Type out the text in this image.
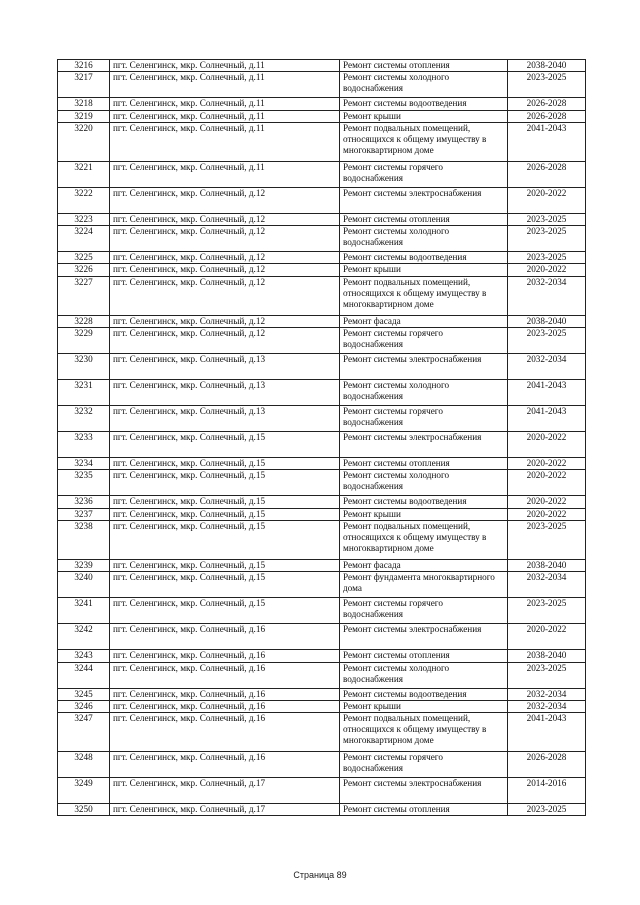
3216	пгт. Селенгинск, мкр. Солнечный, д.11	Ремонт системы отопления	2038-2040
3217	пгт. Селенгинск, мкр. Солнечный, д.11	Ремонт системы холодного водоснабжения	2023-2025
3218	пгт. Селенгинск, мкр. Солнечный, д.11	Ремонт системы водоотведения	2026-2028
3219	пгт. Селенгинск, мкр. Солнечный, д.11	Ремонт крыши	2026-2028
3220	пгт. Селенгинск, мкр. Солнечный, д.11	Ремонт подвальных помещений, относящихся к общему имуществу в многоквартирном доме	2041-2043
3221	пгт. Селенгинск, мкр. Солнечный, д.11	Ремонт системы горячего водоснабжения	2026-2028
3222	пгт. Селенгинск, мкр. Солнечный, д.12	Ремонт системы электроснабжения	2020-2022
3223	пгт. Селенгинск, мкр. Солнечный, д.12	Ремонт системы отопления	2023-2025
3224	пгт. Селенгинск, мкр. Солнечный, д.12	Ремонт системы холодного водоснабжения	2023-2025
3225	пгт. Селенгинск, мкр. Солнечный, д.12	Ремонт системы водоотведения	2023-2025
3226	пгт. Селенгинск, мкр. Солнечный, д.12	Ремонт крыши	2020-2022
3227	пгт. Селенгинск, мкр. Солнечный, д.12	Ремонт подвальных помещений, относящихся к общему имуществу в многоквартирном доме	2032-2034
3228	пгт. Селенгинск, мкр. Солнечный, д.12	Ремонт фасада	2038-2040
3229	пгт. Селенгинск, мкр. Солнечный, д.12	Ремонт системы горячего водоснабжения	2023-2025
3230	пгт. Селенгинск, мкр. Солнечный, д.13	Ремонт системы электроснабжения	2032-2034
3231	пгт. Селенгинск, мкр. Солнечный, д.13	Ремонт системы холодного водоснабжения	2041-2043
3232	пгт. Селенгинск, мкр. Солнечный, д.13	Ремонт системы горячего водоснабжения	2041-2043
3233	пгт. Селенгинск, мкр. Солнечный, д.15	Ремонт системы электроснабжения	2020-2022
3234	пгт. Селенгинск, мкр. Солнечный, д.15	Ремонт системы отопления	2020-2022
3235	пгт. Селенгинск, мкр. Солнечный, д.15	Ремонт системы холодного водоснабжения	2020-2022
3236	пгт. Селенгинск, мкр. Солнечный, д.15	Ремонт системы водоотведения	2020-2022
3237	пгт. Селенгинск, мкр. Солнечный, д.15	Ремонт крыши	2020-2022
3238	пгт. Селенгинск, мкр. Солнечный, д.15	Ремонт подвальных помещений, относящихся к общему имуществу в многоквартирном доме	2023-2025
3239	пгт. Селенгинск, мкр. Солнечный, д.15	Ремонт фасада	2038-2040
3240	пгт. Селенгинск, мкр. Солнечный, д.15	Ремонт фундамента многоквартирного дома	2032-2034
3241	пгт. Селенгинск, мкр. Солнечный, д.15	Ремонт системы горячего водоснабжения	2023-2025
3242	пгт. Селенгинск, мкр. Солнечный, д.16	Ремонт системы электроснабжения	2020-2022
3243	пгт. Селенгинск, мкр. Солнечный, д.16	Ремонт системы отопления	2038-2040
3244	пгт. Селенгинск, мкр. Солнечный, д.16	Ремонт системы холодного водоснабжения	2023-2025
3245	пгт. Селенгинск, мкр. Солнечный, д.16	Ремонт системы водоотведения	2032-2034
3246	пгт. Селенгинск, мкр. Солнечный, д.16	Ремонт крыши	2032-2034
3247	пгт. Селенгинск, мкр. Солнечный, д.16	Ремонт подвальных помещений, относящихся к общему имуществу в многоквартирном доме	2041-2043
3248	пгт. Селенгинск, мкр. Солнечный, д.16	Ремонт системы горячего водоснабжения	2026-2028
3249	пгт. Селенгинск, мкр. Солнечный, д.17	Ремонт системы электроснабжения	2014-2016
3250	пгт. Селенгинск, мкр. Солнечный, д.17	Ремонт системы отопления	2023-2025
Страница 89
